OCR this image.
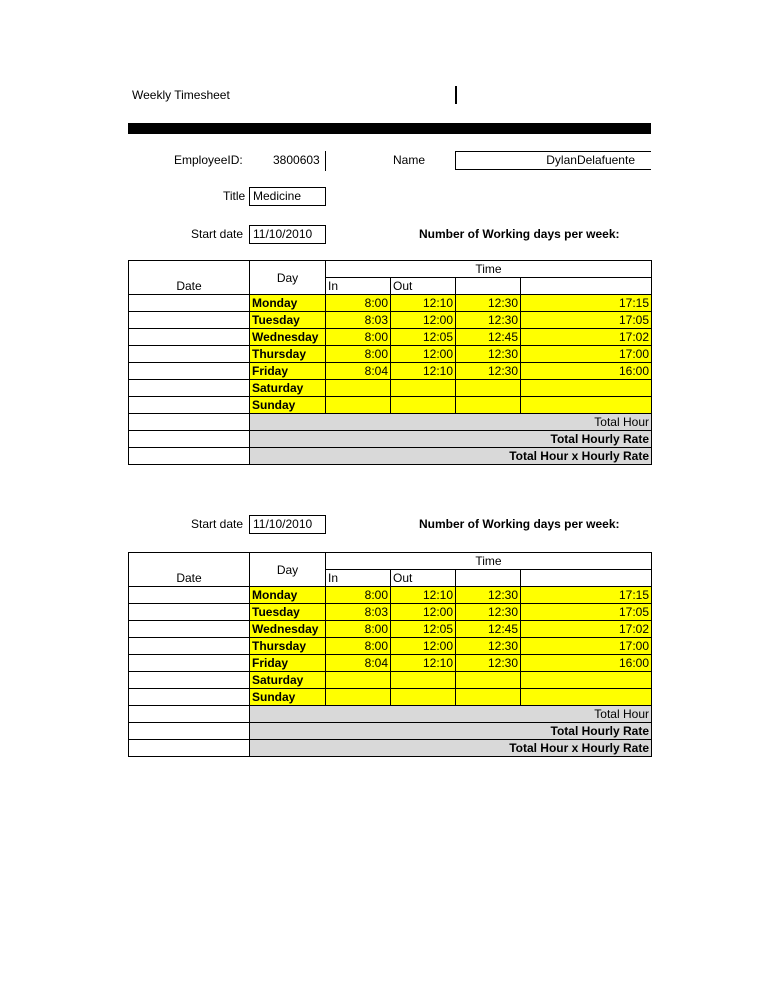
Weekly Timesheet
EmployeeID:	3800603	Name	DylanDelafuente
Title Medicine
Start date 11/10/2010	Number of Working days per week:
Date	Day	Time			
		In	Out		
	Monday	8:00	12:10	12:30	17:15
	Tuesday	8:03	12:00	12:30	17:05
	Wednesday	8:00	12:05	12:45	17:02
	Thursday	8:00	12:00	12:30	17:00
	Friday	8:04	12:10	12:30	16:00
	Saturday				
	Sunday				
	Total Hour				
	Total Hourly Rate				
	Total Hour x Hourly Rate				
Start date 11/10/2010	Number of Working days per week:
Date	Day	Time			
		In	Out		
	Monday	8:00	12:10	12:30	17:15
	Tuesday	8:03	12:00	12:30	17:05
	Wednesday	8:00	12:05	12:45	17:02
	Thursday	8:00	12:00	12:30	17:00
	Friday	8:04	12:10	12:30	16:00
	Saturday				
	Sunday				
	Total Hour				
	Total Hourly Rate				
	Total Hour x Hourly Rate				
